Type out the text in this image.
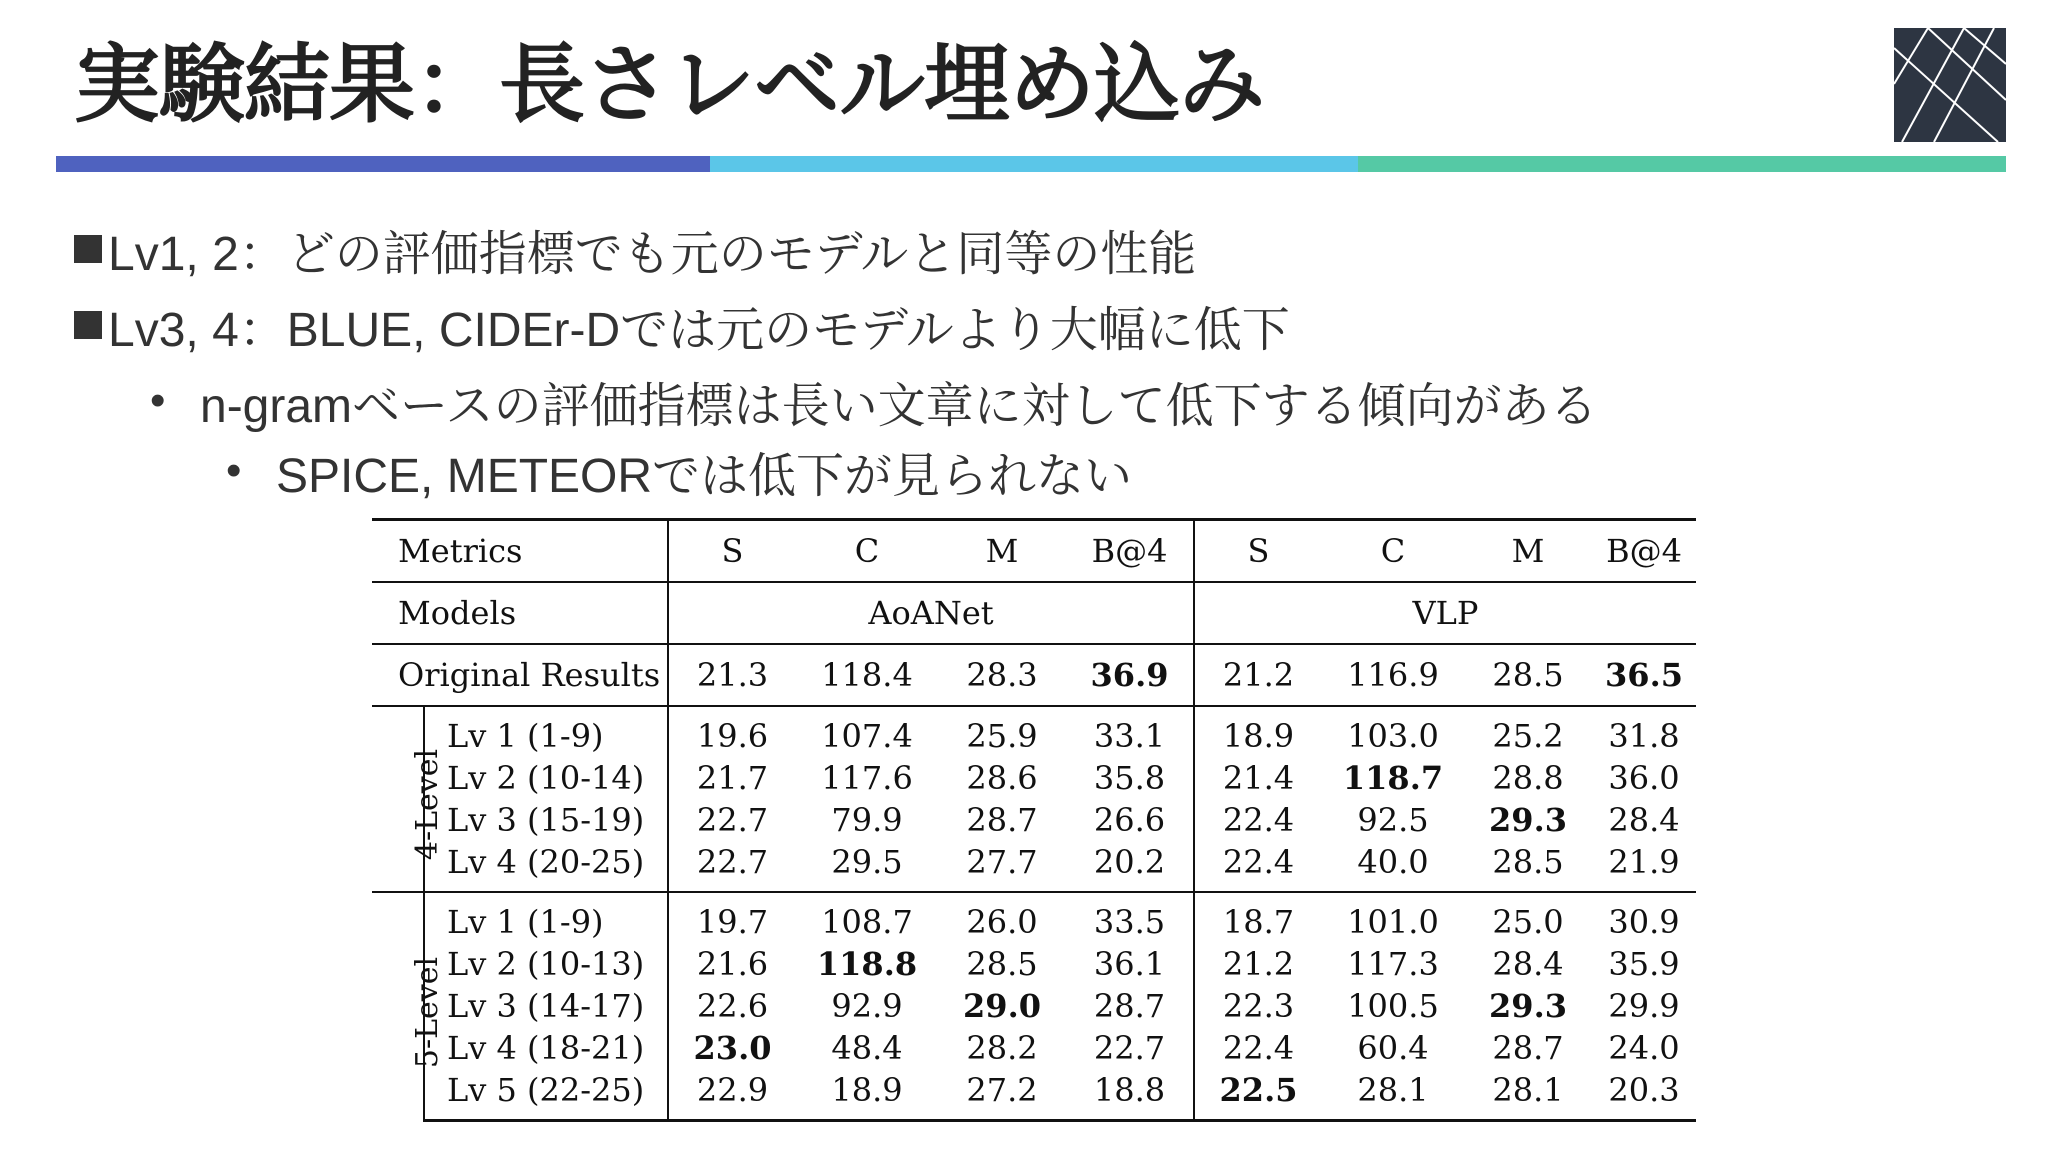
実験結果：長さレベル埋め込み
Lv1, 2：どの評価指標でも元のモデルと同等の性能
Lv3, 4：BLUE, CIDEr-Dでは元のモデルより大幅に低下
• n-gramベースの評価指標は長い文章に対して低下する傾向がある
• SPICE, METEORでは低下が見られない
Metrics		S	C	M	B@4	S	C	M	B@4
Models		AoANet				VLP			
Original Results		21.3	118.4	28.3	36.9	21.2	116.9	28.5	36.5
4-Level	Lv 1 (1-9)	19.6	107.4	25.9	33.1	18.9	103.0	25.2	31.8
	Lv 2 (10-14)	21.7	117.6	28.6	35.8	21.4	118.7	28.8	36.0
	Lv 3 (15-19)	22.7	79.9	28.7	26.6	22.4	92.5	29.3	28.4
	Lv 4 (20-25)	22.7	29.5	27.7	20.2	22.4	40.0	28.5	21.9
5-Level	Lv 1 (1-9)	19.7	108.7	26.0	33.5	18.7	101.0	25.0	30.9
	Lv 2 (10-13)	21.6	118.8	28.5	36.1	21.2	117.3	28.4	35.9
	Lv 3 (14-17)	22.6	92.9	29.0	28.7	22.3	100.5	29.3	29.9
	Lv 4 (18-21)	23.0	48.4	28.2	22.7	22.4	60.4	28.7	24.0
	Lv 5 (22-25)	22.9	18.9	27.2	18.8	22.5	28.1	28.1	20.3
